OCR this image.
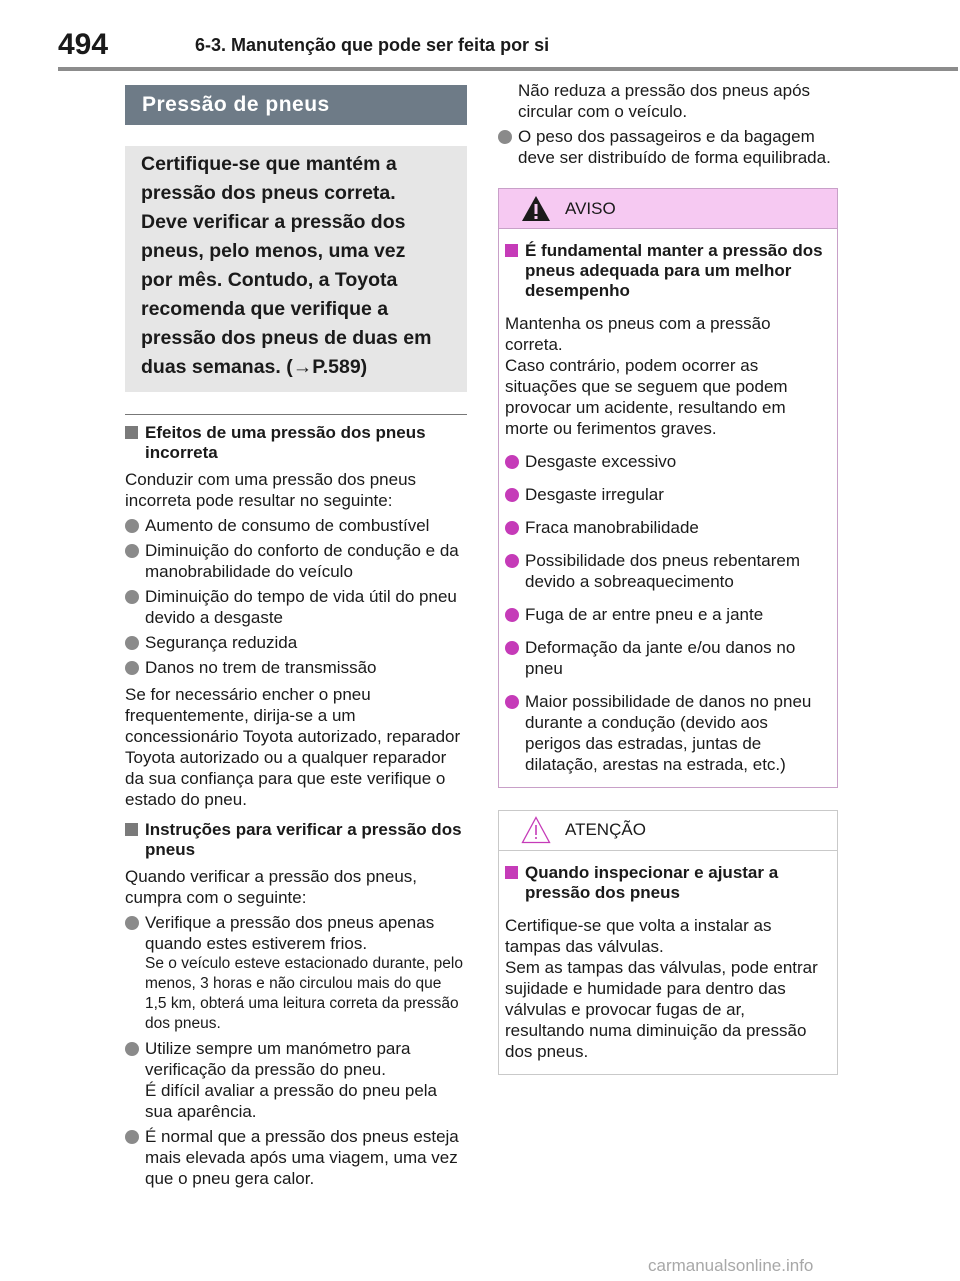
494	6-3. Manutenção que pode ser feita por si
Pressão de pneus
Certifique-se que mantém a
pressão dos pneus correta.
Deve verificar a pressão dos
pneus, pelo menos, uma vez
por mês. Contudo, a Toyota
recomenda que verifique a
pressão dos pneus de duas em
duas semanas. (→P.589)
Efeitos de uma pressão dos pneus incorreta
Conduzir com uma pressão dos pneus incorreta pode resultar no seguinte:
Aumento de consumo de combustível
Diminuição do conforto de condução e da manobrabilidade do veículo
Diminuição do tempo de vida útil do pneu devido a desgaste
Segurança reduzida
Danos no trem de transmissão
Se for necessário encher o pneu frequentemente, dirija-se a um concessionário Toyota autorizado, reparador Toyota autorizado ou a qualquer reparador da sua confiança para que este verifique o estado do pneu.
Instruções para verificar a pressão dos pneus
Quando verificar a pressão dos pneus, cumpra com o seguinte:
Verifique a pressão dos pneus apenas quando estes estiverem frios.
Se o veículo esteve estacionado durante, pelo menos, 3 horas e não circulou mais do que 1,5 km, obterá uma leitura correta da pressão dos pneus.
Utilize sempre um manómetro para verificação da pressão do pneu.
É difícil avaliar a pressão do pneu pela sua aparência.
É normal que a pressão dos pneus esteja mais elevada após uma viagem, uma vez que o pneu gera calor.
Não reduza a pressão dos pneus após circular com o veículo.
O peso dos passageiros e da bagagem deve ser distribuído de forma equilibrada.
AVISO
É fundamental manter a pressão dos pneus adequada para um melhor desempenho
Mantenha os pneus com a pressão correta.
Caso contrário, podem ocorrer as situações que se seguem que podem provocar um acidente, resultando em morte ou ferimentos graves.
Desgaste excessivo
Desgaste irregular
Fraca manobrabilidade
Possibilidade dos pneus rebentarem devido a sobreaquecimento
Fuga de ar entre pneu e a jante
Deformação da jante e/ou danos no pneu
Maior possibilidade de danos no pneu durante a condução (devido aos perigos das estradas, juntas de dilatação, arestas na estrada, etc.)
ATENÇÃO
Quando inspecionar e ajustar a pressão dos pneus
Certifique-se que volta a instalar as tampas das válvulas.
Sem as tampas das válvulas, pode entrar sujidade e humidade para dentro das válvulas e provocar fugas de ar, resultando numa diminuição da pressão dos pneus.
carmanualsonline.info
